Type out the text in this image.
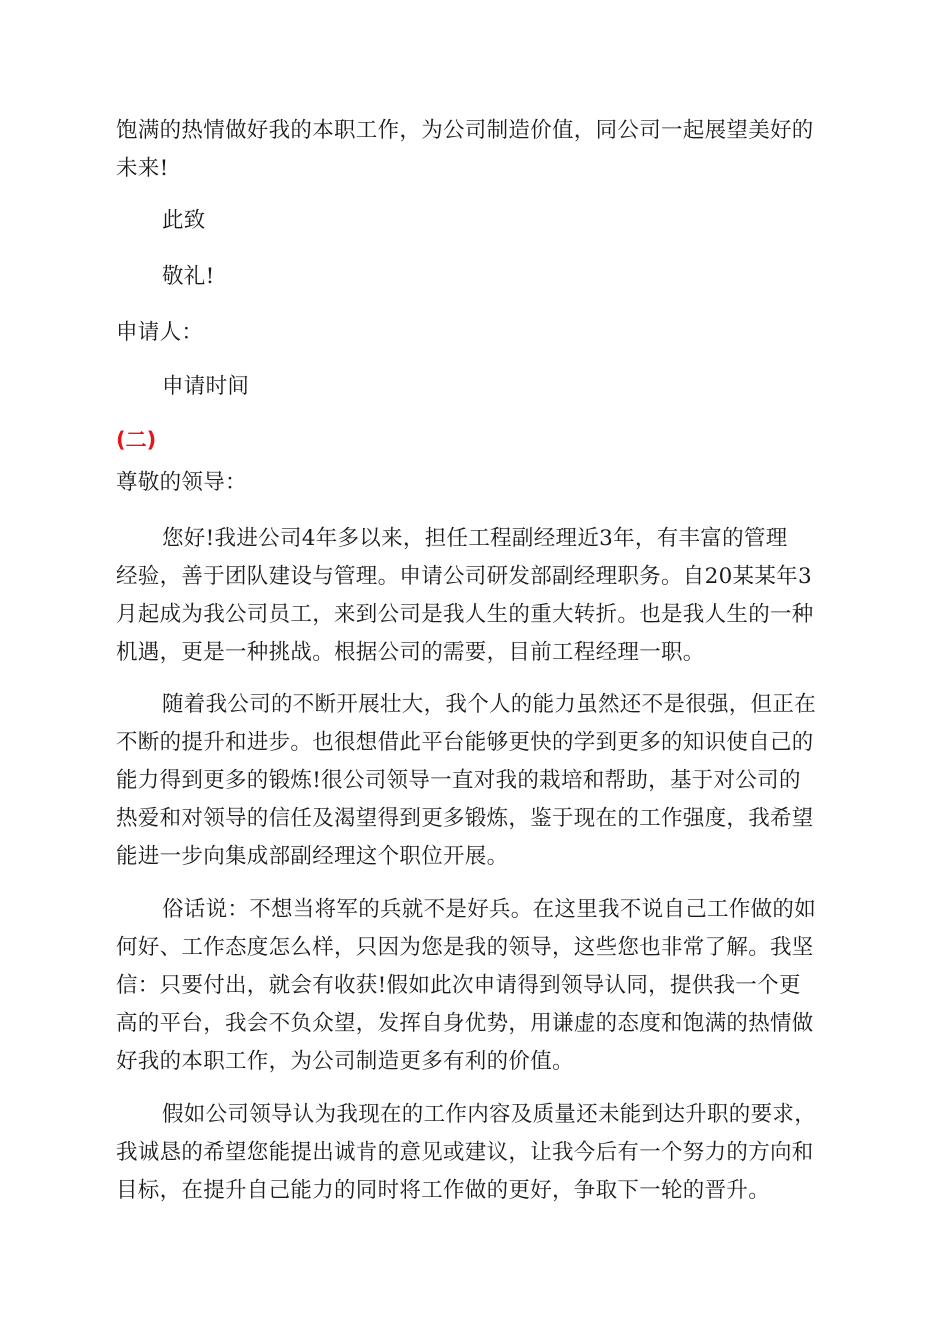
饱满的热情做好我的本职工作，为公司制造价值，同公司一起展望美好的
未来!
此致
敬礼!
申请人：
申请时间
(二)
尊敬的领导：
您好!我进公司4年多以来，担任工程副经理近3年，有丰富的管理
经验，善于团队建设与管理。申请公司研发部副经理职务。自20某某年3
月起成为我公司员工，来到公司是我人生的重大转折。也是我人生的一种
机遇，更是一种挑战。根据公司的需要，目前工程经理一职。
随着我公司的不断开展壮大，我个人的能力虽然还不是很强，但正在
不断的提升和进步。也很想借此平台能够更快的学到更多的知识使自己的
能力得到更多的锻炼!很公司领导一直对我的栽培和帮助，基于对公司的
热爱和对领导的信任及渴望得到更多锻炼，鉴于现在的工作强度，我希望
能进一步向集成部副经理这个职位开展。
俗话说：不想当将军的兵就不是好兵。在这里我不说自己工作做的如
何好、工作态度怎么样，只因为您是我的领导，这些您也非常了解。我坚
信：只要付出，就会有收获!假如此次申请得到领导认同，提供我一个更
高的平台，我会不负众望，发挥自身优势，用谦虚的态度和饱满的热情做
好我的本职工作，为公司制造更多有利的价值。
假如公司领导认为我现在的工作内容及质量还未能到达升职的要求，
我诚恳的希望您能提出诚肯的意见或建议，让我今后有一个努力的方向和
目标，在提升自己能力的同时将工作做的更好，争取下一轮的晋升。
